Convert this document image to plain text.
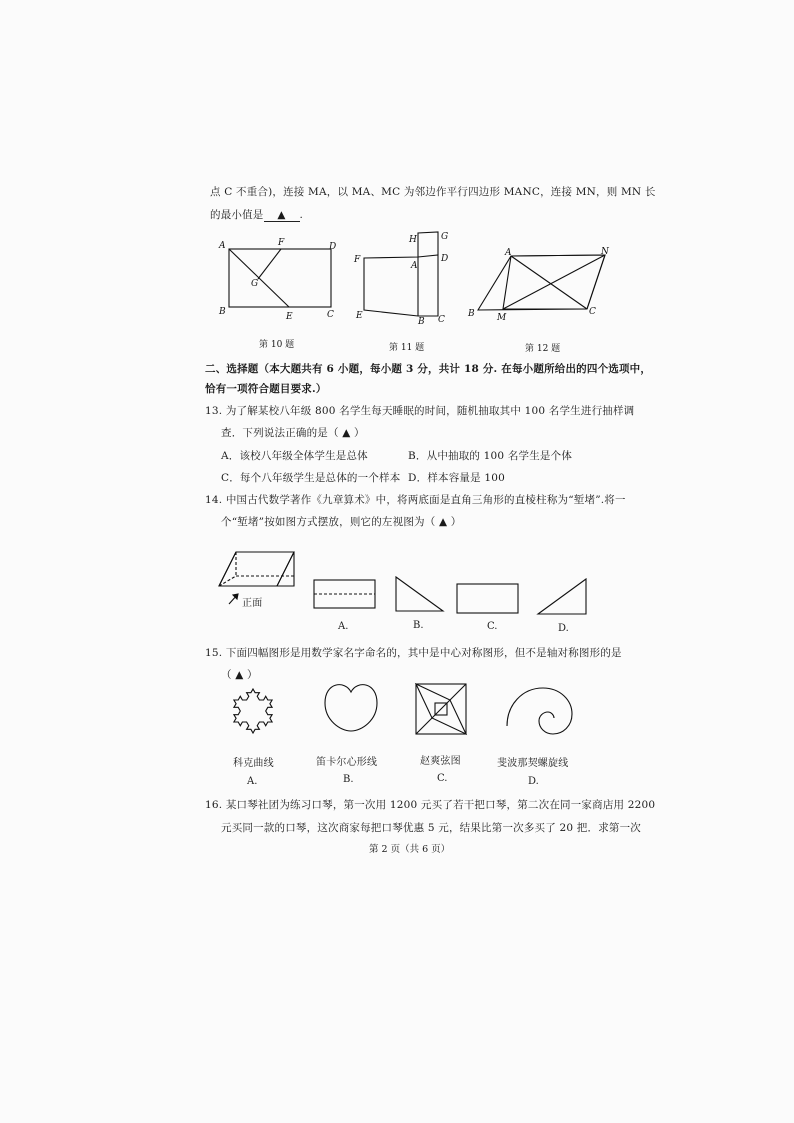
点 C 不重合)，连接 MA，以 MA、MC 为邻边作平行四边形 MANC，连接 MN，则 MN 长
的最小值是 ▲ .
A	F	D
G
B	E	C
第 10 题
H	G
F
A
D
E
B C
第 11 题
A	N
B M
C
第 12 题
二、选择题（本大题共有 6 小题，每小题 3 分，共计 18 分. 在每小题所给出的四个选项中，
恰有一项符合题目要求.）
13. 为了解某校八年级 800 名学生每天睡眠的时间，随机抽取其中 100 名学生进行抽样调
查．下列说法正确的是（ ▲ ）
A．该校八年级全体学生是总体	B．从中抽取的 100 名学生是个体
C．每个八年级学生是总体的一个样本 D．样本容量是 100
14. 中国古代数学著作《九章算术》中，将两底面是直角三角形的直棱柱称为“堑堵”.将一
个“堑堵”按如图方式摆放，则它的左视图为（ ▲ ）
正面
A.	B.	C.	D.
15. 下面四幅图形是用数学家名字命名的，其中是中心对称图形，但不是轴对称图形的是
（ ▲ ）
科克曲线	笛卡尔心形线	赵爽弦图	斐波那契螺旋线
A.	B.	C.	D.
16. 某口琴社团为练习口琴，第一次用 1200 元买了若干把口琴，第二次在同一家商店用 2200
元买同一款的口琴，这次商家每把口琴优惠 5 元，结果比第一次多买了 20 把．求第一次
第 2 页（共 6 页）
